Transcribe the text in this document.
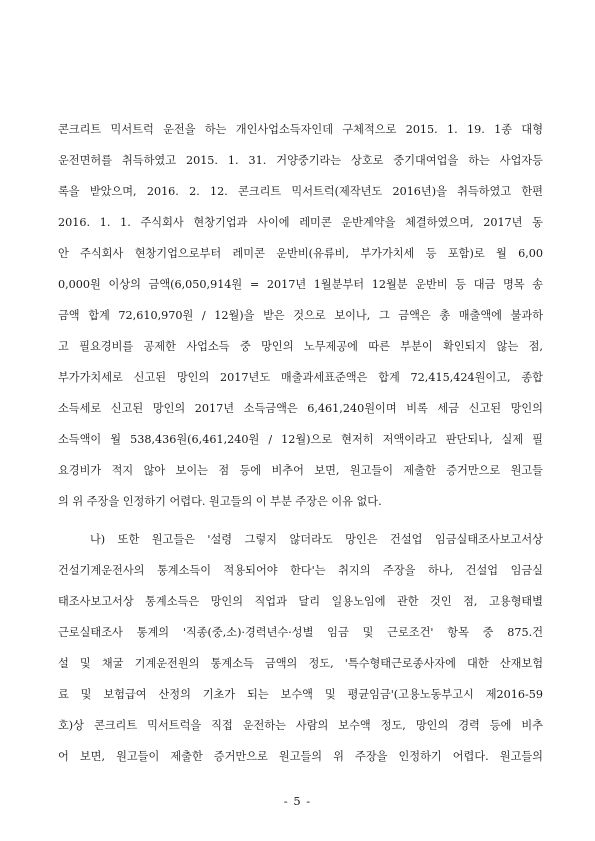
콘크리트 믹서트럭 운전을 하는 개인사업소득자인데 구체적으로 2015. 1. 19. 1종 대형
운전면허를 취득하였고 2015. 1. 31. 거양중기라는 상호로 중기대여업을 하는 사업자등
록을 받았으며, 2016. 2. 12. 콘크리트 믹서트럭(제작년도 2016년)을 취득하였고 한편
2016. 1. 1. 주식회사 현창기업과 사이에 레미콘 운반계약을 체결하였으며, 2017년 동
안 주식회사 현창기업으로부터 레미콘 운반비(유류비, 부가가치세 등 포함)로 월 6,00
0,000원 이상의 금액(6,050,914원 = 2017년 1월분부터 12월분 운반비 등 대금 명목 송
금액 합계 72,610,970원 / 12월)을 받은 것으로 보이나, 그 금액은 총 매출액에 불과하
고 필요경비를 공제한 사업소득 중 망인의 노무제공에 따른 부분이 확인되지 않는 점,
부가가치세로 신고된 망인의 2017년도 매출과세표준액은 합계 72,415,424원이고, 종합
소득세로 신고된 망인의 2017년 소득금액은 6,461,240원이며 비록 세금 신고된 망인의
소득액이 월 538,436원(6,461,240원 / 12월)으로 현저히 저액이라고 판단되나, 실제 필
요경비가 적지 않아 보이는 점 등에 비추어 보면, 원고들이 제출한 증거만으로 원고들
의 위 주장을 인정하기 어렵다. 원고들의 이 부분 주장은 이유 없다.
나) 또한 원고들은 '설령 그렇지 않더라도 망인은 건설업 임금실태조사보고서상
건설기계운전사의 통계소득이 적용되어야 한다'는 취지의 주장을 하나, 건설업 임금실
태조사보고서상 통계소득은 망인의 직업과 달리 일용노임에 관한 것인 점, 고용형태별
근로실태조사 통계의 '직종(중,소)·경력년수·성별 임금 및 근로조건' 항목 중 875.건
설 및 채굴 기계운전원의 통계소득 금액의 정도, '특수형태근로종사자에 대한 산재보험
료 및 보험급여 산정의 기초가 되는 보수액 및 평균임금'(고용노동부고시 제2016-59
호)상 콘크리트 믹서트럭을 직접 운전하는 사람의 보수액 정도, 망인의 경력 등에 비추
어 보면, 원고들이 제출한 증거만으로 원고들의 위 주장을 인정하기 어렵다. 원고들의
- 5 -
